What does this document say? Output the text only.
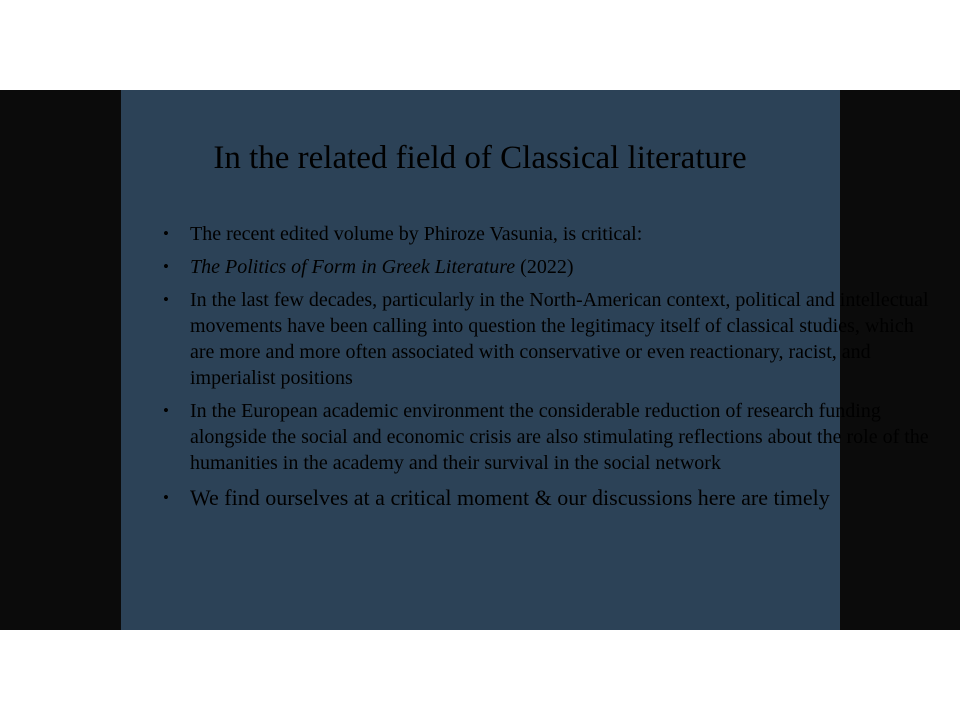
In the related field of Classical literature
• The recent edited volume by Phiroze Vasunia, is critical:
• The Politics of Form in Greek Literature (2022)
• In the last few decades, particularly in the North-American context, political and intellectual movements have been calling into question the legitimacy itself of classical studies, which are more and more often associated with conservative or even reactionary, racist, and imperialist positions
• In the European academic environment the considerable reduction of research funding alongside the social and economic crisis are also stimulating reflections about the role of the humanities in the academy and their survival in the social network
• We find ourselves at a critical moment & our discussions here are timely
